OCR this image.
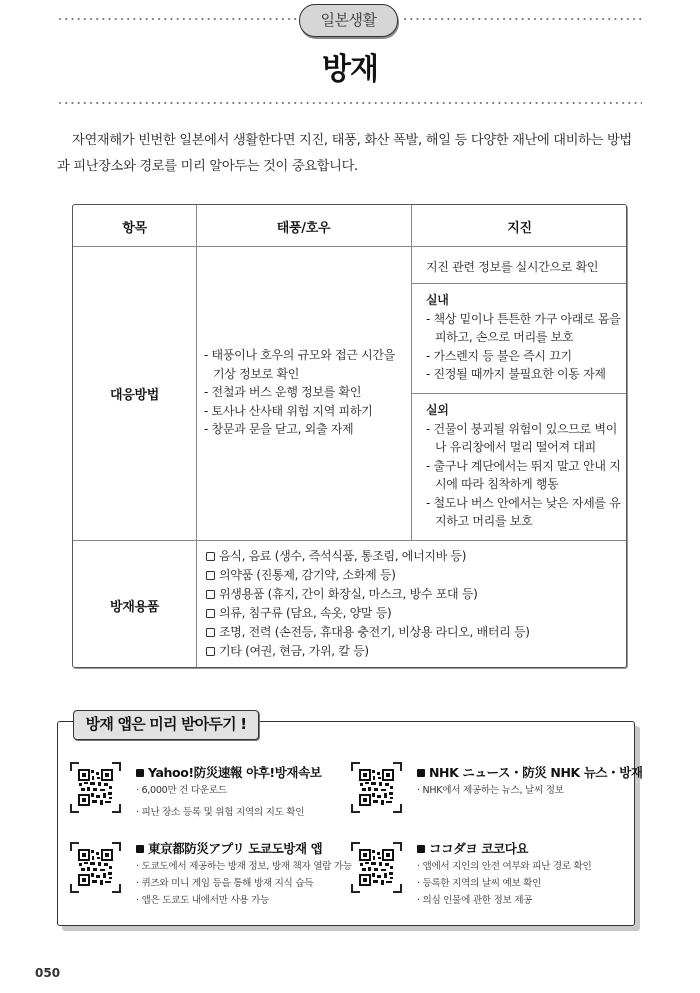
일본생활
방재
자연재해가 빈번한 일본에서 생활한다면 지진, 태풍, 화산 폭발, 해일 등 다양한 재난에 대비하는 방법
과 피난장소와 경로를 미리 알아두는 것이 중요합니다.
항목	태풍/호우	지진
대응방법
- 태풍이나 호우의 규모와 접근 시간을 기상 정보로 확인
- 전철과 버스 운행 정보를 확인
- 토사나 산사태 위험 지역 피하기
- 창문과 문을 닫고, 외출 자제
지진 관련 정보를 실시간으로 확인
실내
- 책상 밑이나 튼튼한 가구 아래로 몸을 피하고, 손으로 머리를 보호
- 가스렌지 등 불은 즉시 끄기
- 진정될 때까지 불필요한 이동 자제
실외
- 건물이 붕괴될 위험이 있으므로 벽이나 유리창에서 멀리 떨어져 대피
- 출구나 계단에서는 뛰지 말고 안내 지시에 따라 침착하게 행동
- 철도나 버스 안에서는 낮은 자세를 유지하고 머리를 보호
방재용품
음식, 음료 (생수, 즉석식품, 통조림, 에너지바 등)
의약품 (진통제, 감기약, 소화제 등)
위생용품 (휴지, 간이 화장실, 마스크, 방수 포대 등)
의류, 침구류 (담요, 속옷, 양말 등)
조명, 전력 (손전등, 휴대용 충전기, 비상용 라디오, 배터리 등)
기타 (여권, 현금, 가위, 칼 등)
방재 앱은 미리 받아두기 !
Yahoo!防災速報 야후!방재속보
· 6,000만 건 다운로드
· 피난 장소 등록 및 위험 지역의 지도 확인
NHK ニュース・防災 NHK 뉴스・방재
· NHK에서 제공하는 뉴스, 날씨 정보
東京都防災アプリ 도쿄도방재 앱
· 도쿄도에서 제공하는 방재 정보, 방재 책자 열람 가능
· 퀴즈와 미니 게임 등을 통해 방재 지식 습득
· 앱은 도쿄도 내에서만 사용 가능
ココダヨ 코코다요
· 앱에서 지인의 안전 여부와 피난 경로 확인
· 등록한 지역의 날씨 예보 확인
· 의심 인물에 관한 정보 제공
050
